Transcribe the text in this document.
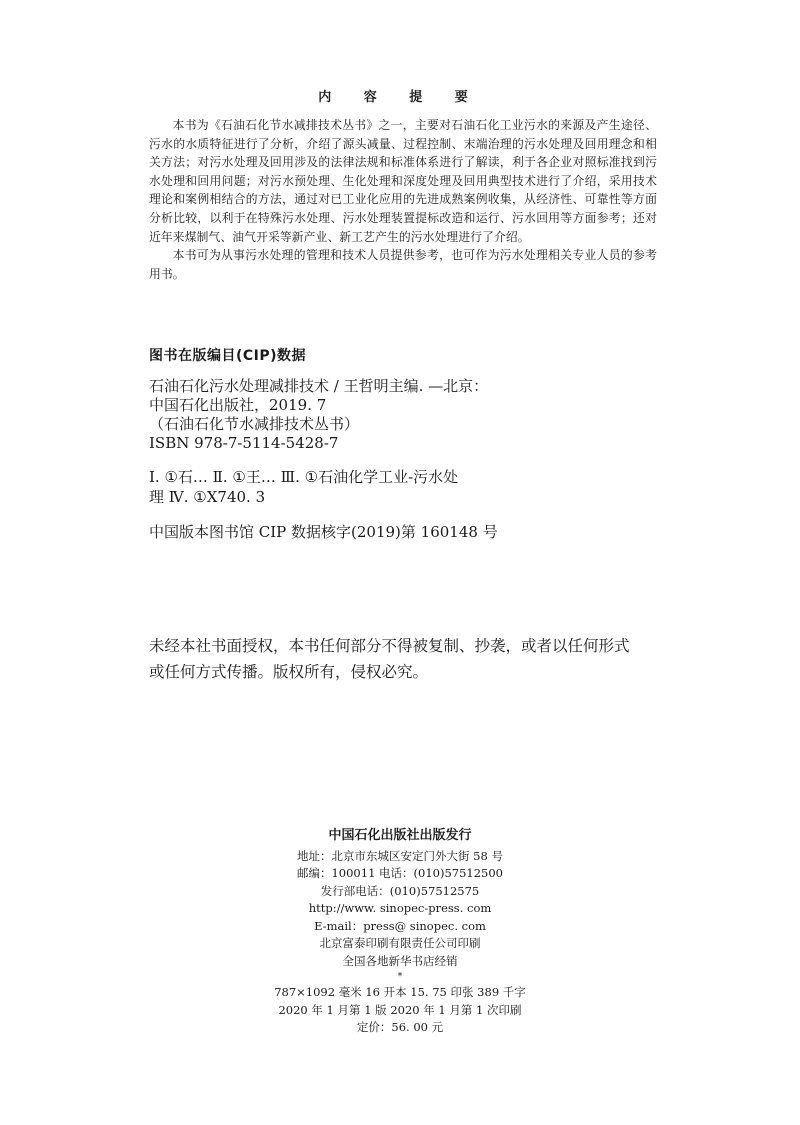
内 容 提 要

本书为《石油石化节水减排技术丛书》之一，主要对石油石化工业污水的来源及产生途径、污水的水质特征进行了分析，介绍了源头减量、过程控制、末端治理的污水处理及回用理念和相关方法；对污水处理及回用涉及的法律法规和标准体系进行了解读，利于各企业对照标准找到污水处理和回用问题；对污水预处理、生化处理和深度处理及回用典型技术进行了介绍，采用技术理论和案例相结合的方法，通过对已工业化应用的先进成熟案例收集，从经济性、可靠性等方面分析比较，以利于在特殊污水处理、污水处理装置提标改造和运行、污水回用等方面参考；还对近年来煤制气、油气开采等新产业、新工艺产生的污水处理进行了介绍。

本书可为从事污水处理的管理和技术人员提供参考，也可作为污水处理相关专业人员的参考用书。

图书在版编目(CIP)数据
石油石化污水处理减排技术 / 王哲明主编. —北京：
中国石化出版社，2019. 7
（石油石化节水减排技术丛书）
ISBN 978-7-5114-5428-7
Ⅰ. ①石… Ⅱ. ①王… Ⅲ. ①石油化学工业-污水处
理 Ⅳ. ①X740. 3
中国版本图书馆 CIP 数据核字(2019)第 160148 号
未经本社书面授权，本书任何部分不得被复制、抄袭，或者以任何形式
或任何方式传播。版权所有，侵权必究。
中国石化出版社出版发行
地址：北京市东城区安定门外大街 58 号
邮编：100011 电话：(010)57512500
发行部电话：(010)57512575
http://www. sinopec-press. com
E-mail：press@ sinopec. com
北京富泰印刷有限责任公司印刷
全国各地新华书店经销
*
787×1092 毫米 16 开本 15. 75 印张 389 千字
2020 年 1 月第 1 版 2020 年 1 月第 1 次印刷
定价：56. 00 元
